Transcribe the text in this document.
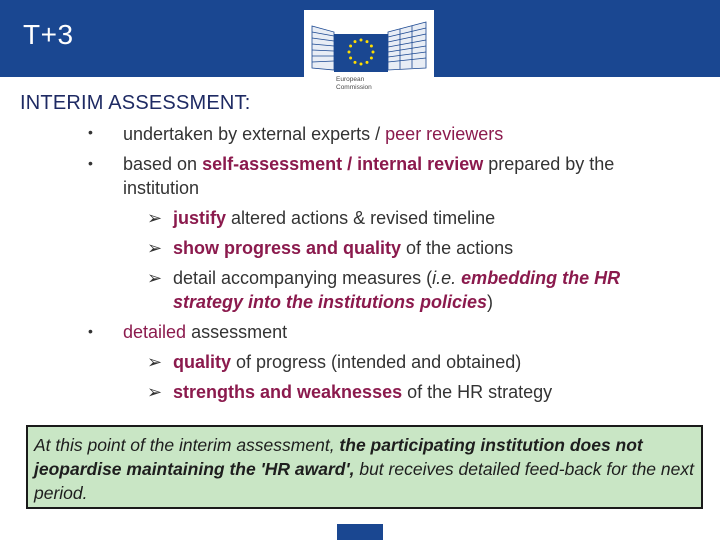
T+3
European
Commission
INTERIM ASSESSMENT:
• undertaken by external experts / peer reviewers
• based on self-assessment / internal review prepared by the
institution
➢ justify altered actions & revised timeline
➢ show progress and quality of the actions
➢ detail accompanying measures (i.e. embedding the HR
strategy into the institutions policies)
• detailed assessment
➢ quality of progress (intended and obtained)
➢ strengths and weaknesses of the HR strategy
At this point of the interim assessment, the participating institution does not jeopardise maintaining the 'HR award', but receives detailed feed-back for the next period.
